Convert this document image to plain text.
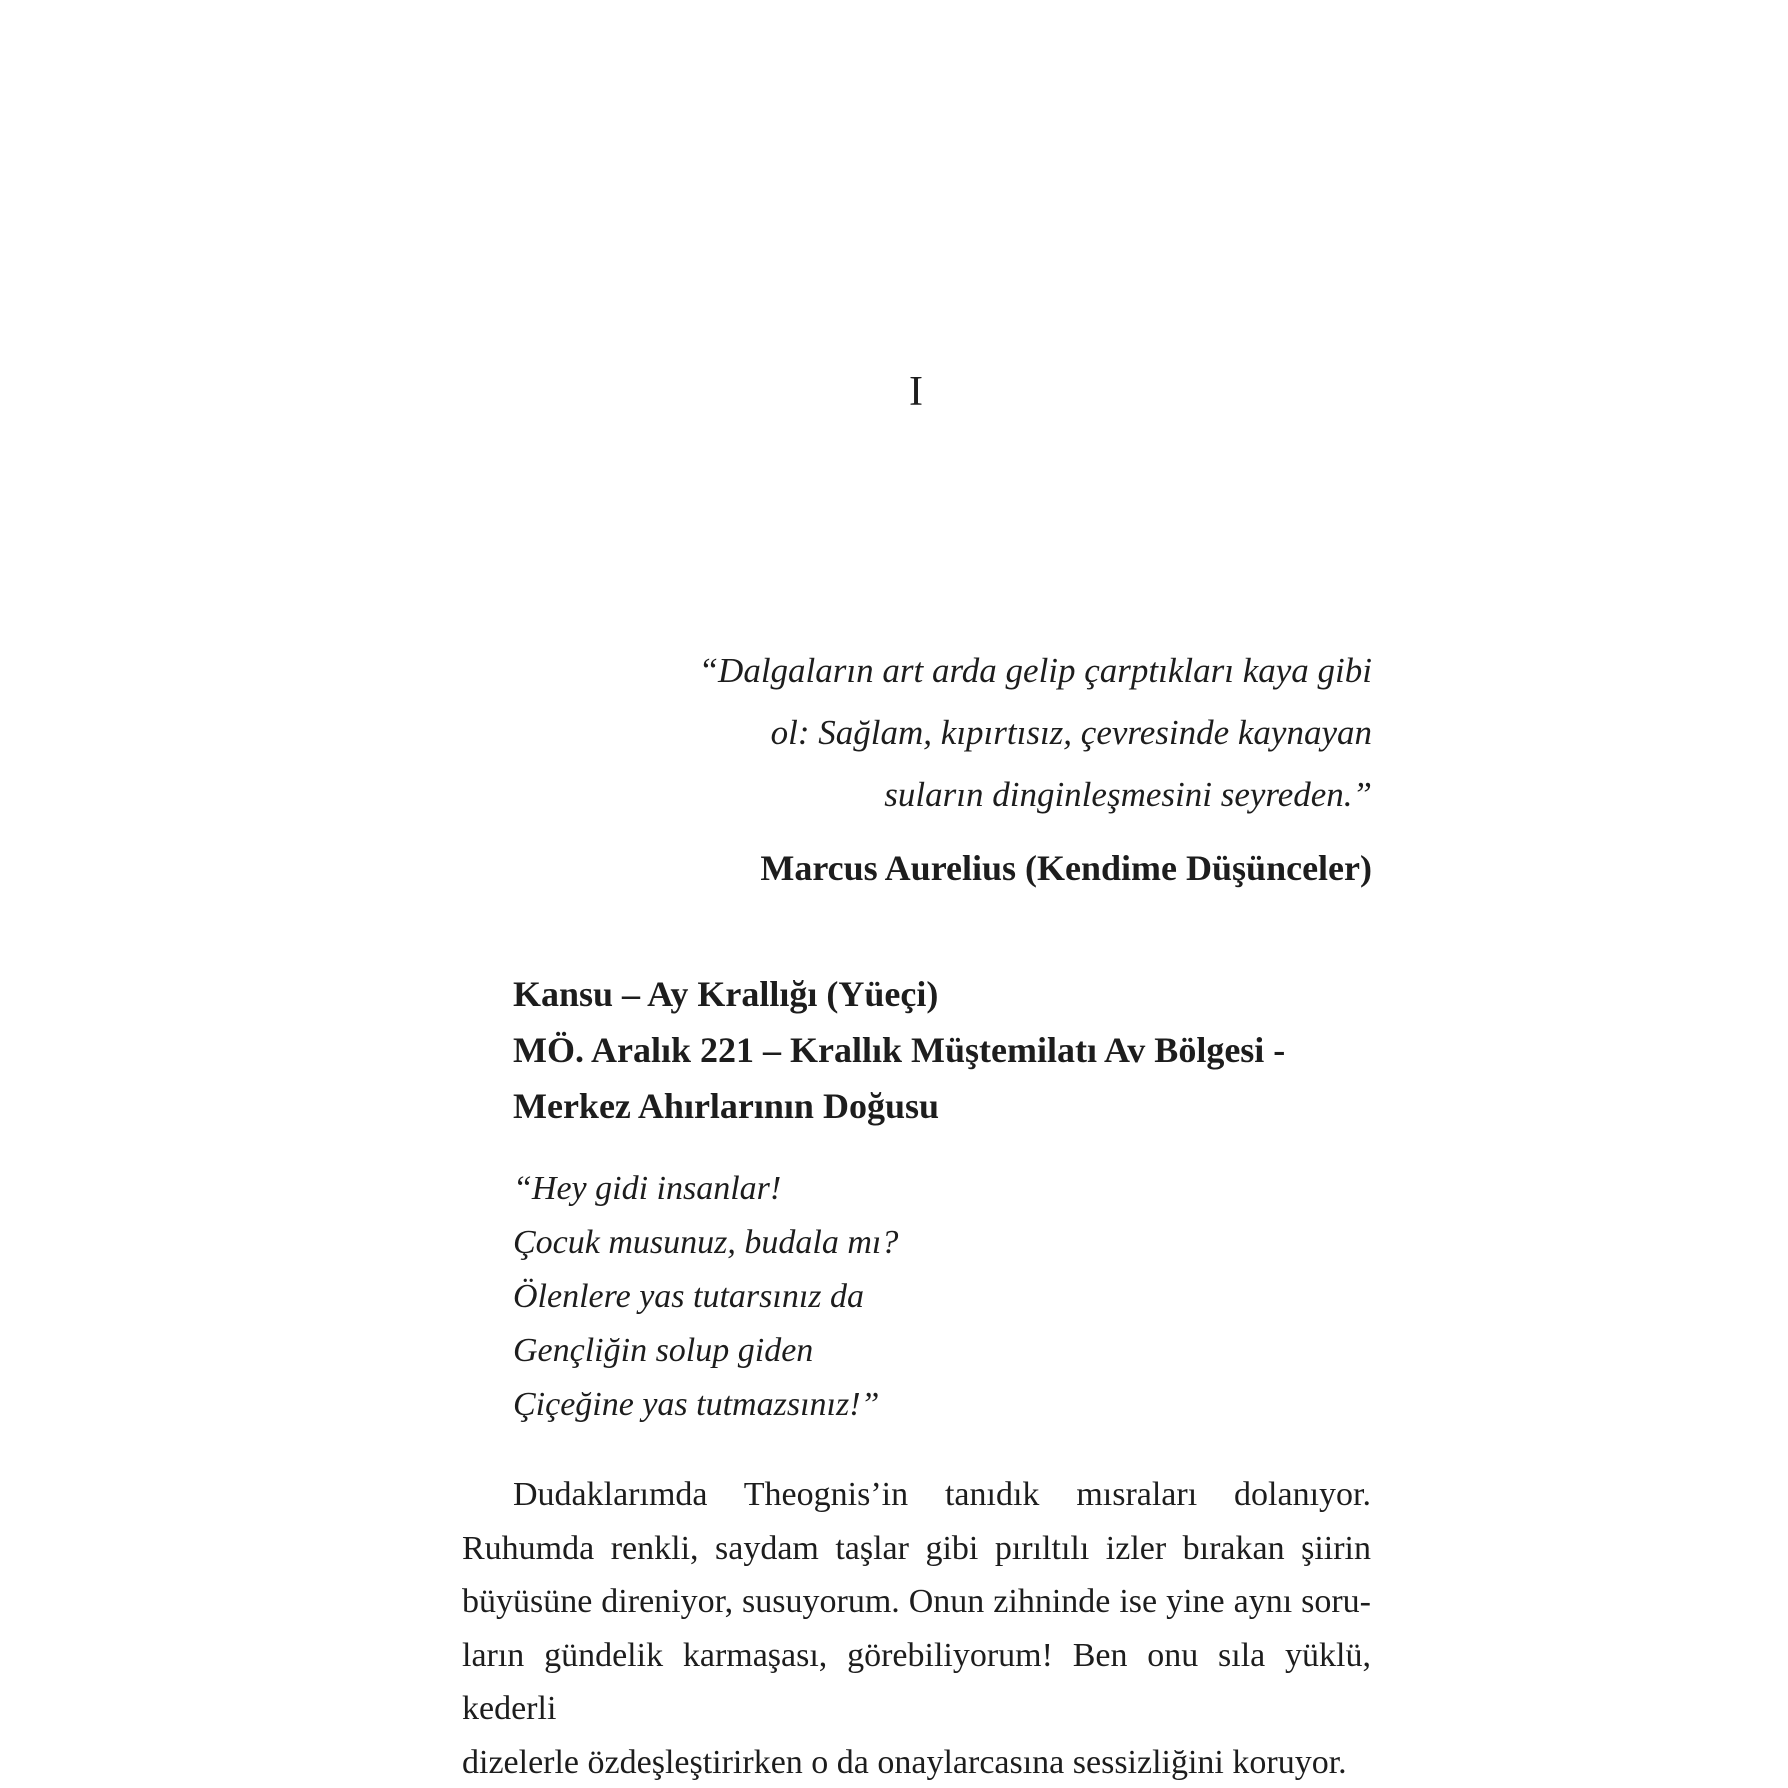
I
“Dalgaların art arda gelip çarptıkları kaya gibi
ol: Sağlam, kıpırtısız, çevresinde kaynayan
suların dinginleşmesini seyreden.”
Marcus Aurelius (Kendime Düşünceler)
Kansu – Ay Krallığı (Yüeçi)
MÖ. Aralık 221 – Krallık Müştemilatı Av Bölgesi -
Merkez Ahırlarının Doğusu
“Hey gidi insanlar!
Çocuk musunuz, budala mı?
Ölenlere yas tutarsınız da
Gençliğin solup giden
Çiçeğine yas tutmazsınız!”
Dudaklarımda Theognis’in tanıdık mısraları dolanıyor.
Ruhumda renkli, saydam taşlar gibi pırıltılı izler bırakan şiirin
büyüsüne direniyor, susuyorum. Onun zihninde ise yine aynı soru-
ların gündelik karmaşası, görebiliyorum! Ben onu sıla yüklü, kederli
dizelerle özdeşleştirirken o da onaylarcasına sessizliğini koruyor.
